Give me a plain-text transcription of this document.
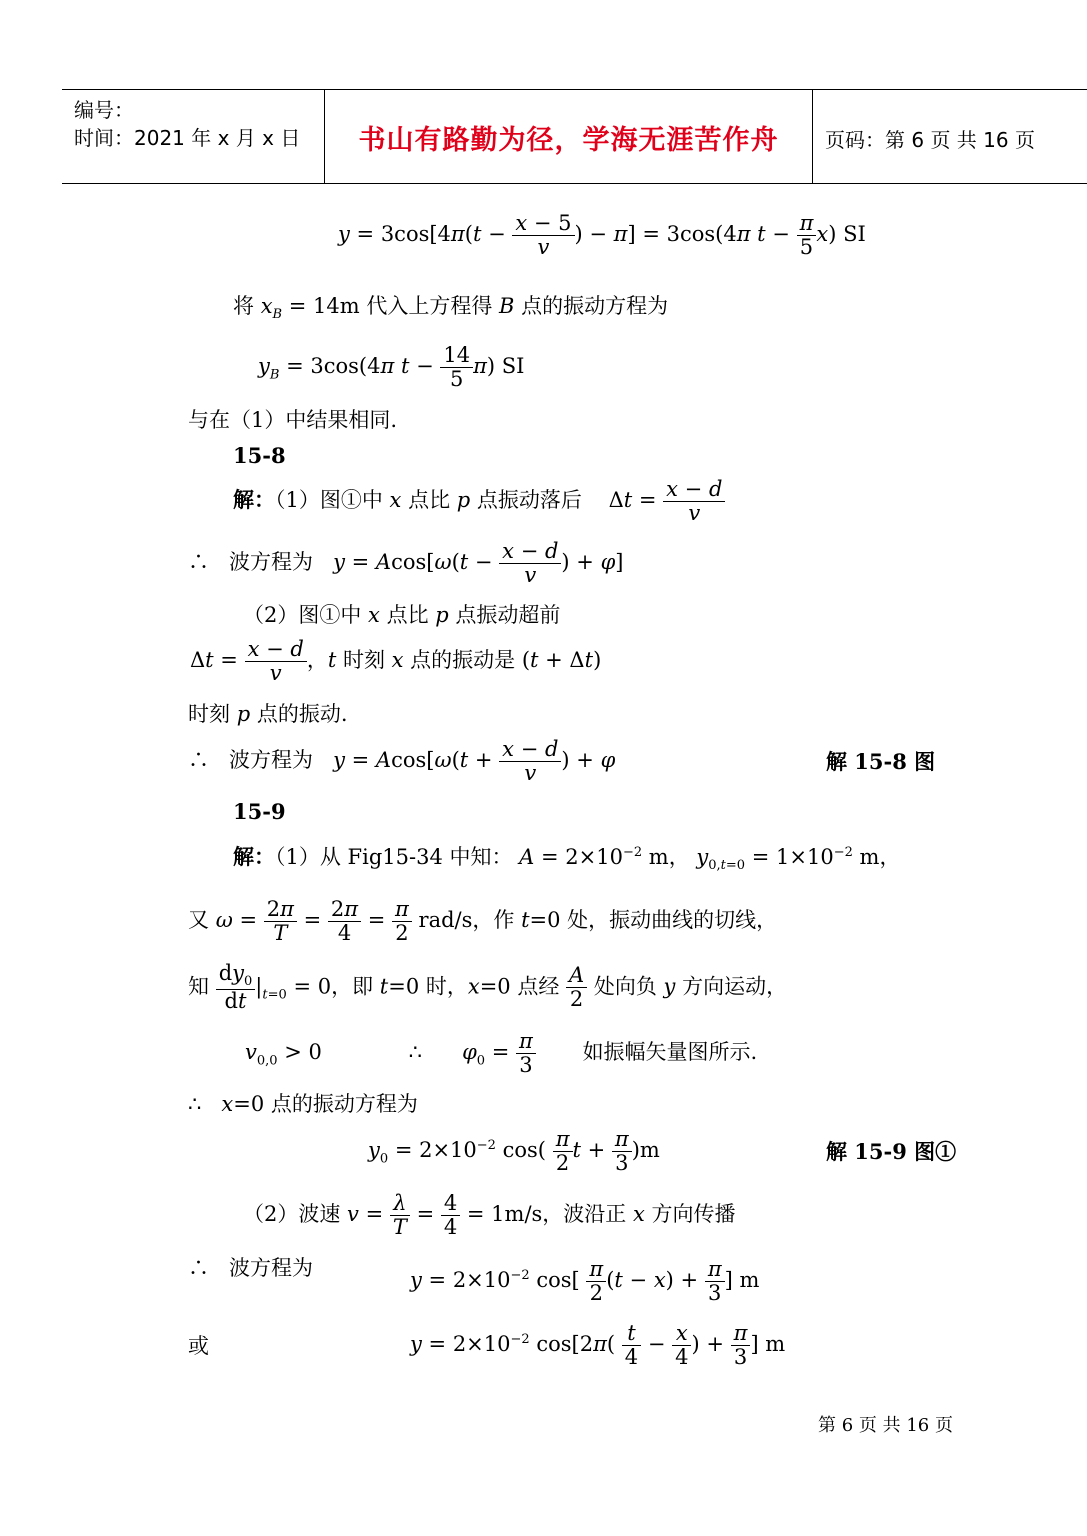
编号：
时间：2021 年 x 月 x 日	书山有路勤为径，学海无涯苦作舟	页码：第 6 页 共 16 页
$y = 3\cos[4\pi(t - \frac{x - 5}{v}$ ) − π] = 3cos(4π $t - \frac{\pi}{5} x$) SI
将 $x_B = 14m$ 代入上方程得 B 点的振动方程为
$y_B = 3\cos(4\pi$ $t - \frac{14}{5} \pi$) SI
与在（1）中结果相同.
15-8
解：（1）图①中 x 点比 p 点振动落后    $\Delta t = \frac{x - d}{v}$
∴   波方程为   $y = Acos[\omega(t - \frac{x - d}{v}$ ) + φ]
（2）图①中 x 点比 p 点振动超前
$\Delta t = \frac{x - d}{v}$ ，t 时刻 x 点的振动是 (t + Δt)
时刻 p 点的振动.
∴   波方程为   $y = Acos[\omega(t + \frac{x - d}{v}$ ) + φ	解 15-8 图
15-9
解：（1）从 Fig15-34 中知： $A = 2\times 10^{-2}$ m， $y_{0,t=0} = 1\times 10^{-2}$ m，
又 $\omega = \frac{2\pi}{T} = \frac{2\pi}{4} = \frac{\pi}{2} rad/s$，作 t=0 处，振动曲线的切线，
知 $\frac{dy_0}{dt} |_{t=0} = 0$，即 t=0 时，x=0 点经 $\frac{A}{2}$ 处向负 y 方向运动，
$v_{0,0} > 0$             ∴      $\varphi_0 = \frac{\pi}{3}$ 如振幅矢量图所示.
∴   x=0 点的振动方程为
$y_0 = 2\times 10^{-2}$ $\cos( \frac{\pi}{2}$ $t + \frac{\pi}{3} )m$	解 15-9 图①
（2）波速 $v = \frac{\lambda}{T} = \frac{4}{4} = 1m/s$，波沿正 x 方向传播
∴   波方程为
$y = 2\times 10^{-2}$ $\cos[ \frac{\pi}{2} (t - x) + \frac{\pi}{3}$ ] m
或	$y = 2\times 10^{-2}$ $\cos[2\pi( \frac{t}{4} - \frac{x}{4}$ ) + $\frac{\pi}{3}$ ] m
第 6 页 共 16 页
